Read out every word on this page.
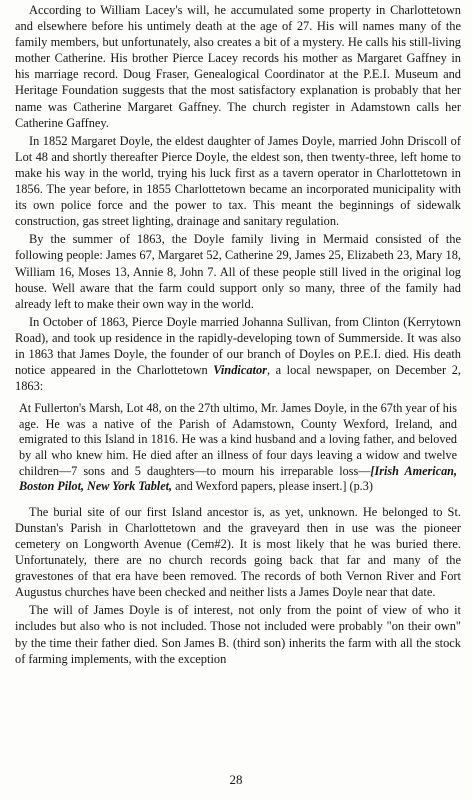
According to William Lacey's will, he accumulated some property in Charlottetown and elsewhere before his untimely death at the age of 27. His will names many of the family members, but unfortunately, also creates a bit of a mystery. He calls his still-living mother Catherine. His brother Pierce Lacey records his mother as Margaret Gaffney in his marriage record. Doug Fraser, Genealogical Coordinator at the P.E.I. Museum and Heritage Foundation suggests that the most satisfactory explanation is probably that her name was Catherine Margaret Gaffney. The church register in Adamstown calls her Catherine Gaffney.

In 1852 Margaret Doyle, the eldest daughter of James Doyle, married John Driscoll of Lot 48 and shortly thereafter Pierce Doyle, the eldest son, then twenty-three, left home to make his way in the world, trying his luck first as a tavern operator in Charlottetown in 1856. The year before, in 1855 Charlottetown became an incorporated municipality with its own police force and the power to tax. This meant the beginnings of sidewalk construction, gas street lighting, drainage and sanitary regulation.

By the summer of 1863, the Doyle family living in Mermaid consisted of the following people: James 67, Margaret 52, Catherine 29, James 25, Elizabeth 23, Mary 18, William 16, Moses 13, Annie 8, John 7. All of these people still lived in the original log house. Well aware that the farm could support only so many, three of the family had already left to make their own way in the world.

In October of 1863, Pierce Doyle married Johanna Sullivan, from Clinton (Kerrytown Road), and took up residence in the rapidly-developing town of Summerside. It was also in 1863 that James Doyle, the founder of our branch of Doyles on P.E.I. died. His death notice appeared in the Charlottetown Vindicator, a local newspaper, on December 2, 1863:

At Fullerton's Marsh, Lot 48, on the 27th ultimo, Mr. James Doyle, in the 67th year of his age. He was a native of the Parish of Adamstown, County Wexford, Ireland, and emigrated to this Island in 1816. He was a kind husband and a loving father, and beloved by all who knew him. He died after an illness of four days leaving a widow and twelve children—7 sons and 5 daughters—to mourn his irreparable loss—[Irish American, Boston Pilot, New York Tablet, and Wexford papers, please insert.] (p.3)

The burial site of our first Island ancestor is, as yet, unknown. He belonged to St. Dunstan's Parish in Charlottetown and the graveyard then in use was the pioneer cemetery on Longworth Avenue (Cem#2). It is most likely that he was buried there. Unfortunately, there are no church records going back that far and many of the gravestones of that era have been removed. The records of both Vernon River and Fort Augustus churches have been checked and neither lists a James Doyle near that date.

The will of James Doyle is of interest, not only from the point of view of who it includes but also who is not included. Those not included were probably "on their own" by the time their father died. Son James B. (third son) inherits the farm with all the stock of farming implements, with the exception

28
